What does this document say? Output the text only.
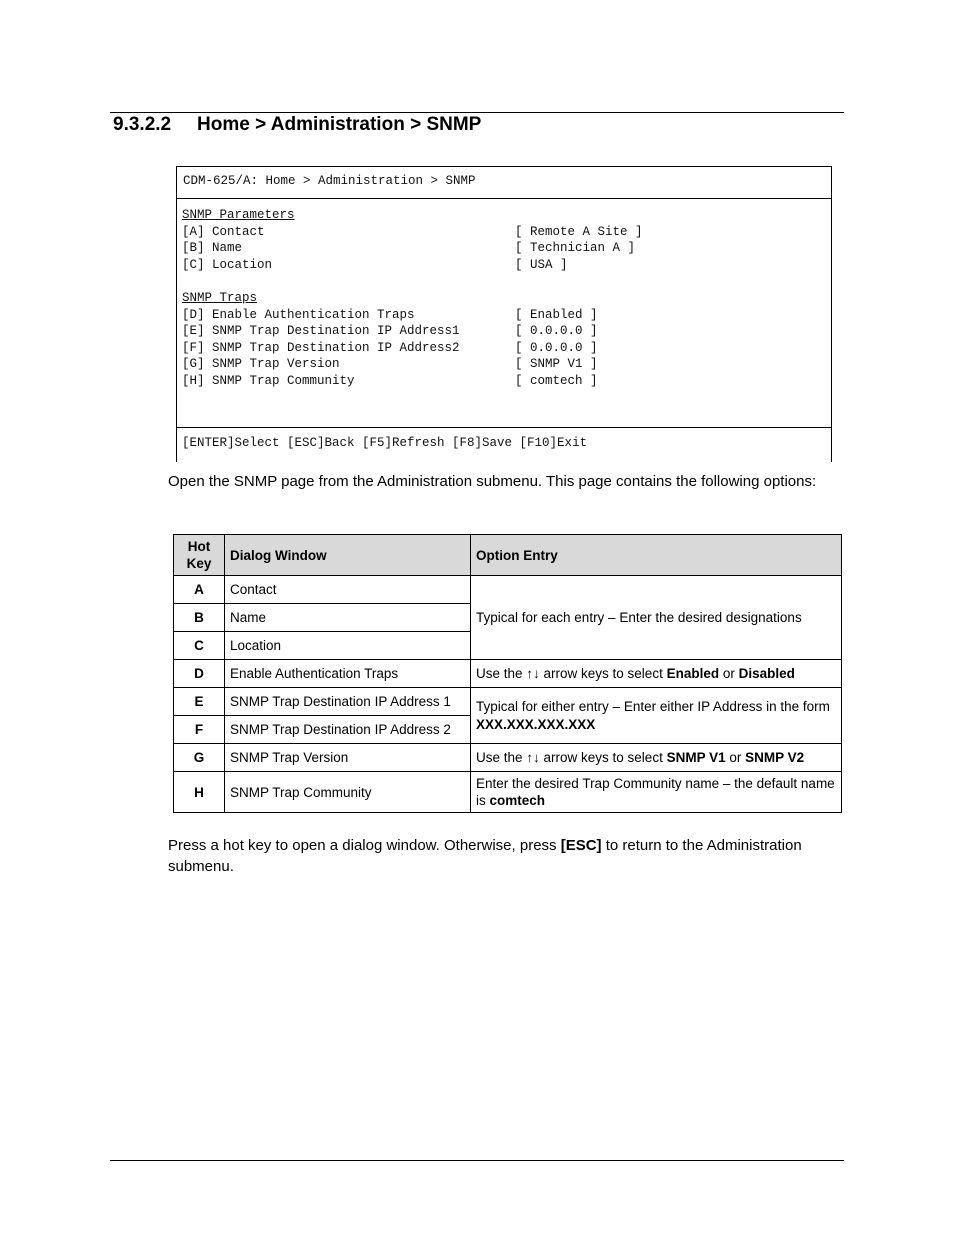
9.3.2.2 Home > Administration > SNMP
CDM-625/A: Home > Administration > SNMP
SNMP Parameters
[A] Contact	[ Remote A Site ]
[B] Name	[ Technician A ]
[C] Location	[ USA ]
SNMP Traps
[D] Enable Authentication Traps	[ Enabled ]
[E] SNMP Trap Destination IP Address1	[ 0.0.0.0 ]
[F] SNMP Trap Destination IP Address2	[ 0.0.0.0 ]
[G] SNMP Trap Version	[ SNMP V1 ]
[H] SNMP Trap Community	[ comtech ]
[ENTER]Select [ESC]Back [F5]Refresh [F8]Save [F10]Exit
Open the SNMP page from the Administration submenu. This page contains the following options:
Hot Key	Dialog Window	Option Entry
A	Contact	Typical for each entry – Enter the desired designations
B	Name	
C	Location	
D	Enable Authentication Traps	Use the ↑↓ arrow keys to select Enabled or Disabled
E	SNMP Trap Destination IP Address 1	Typical for either entry – Enter either IP Address in the form XXX.XXX.XXX.XXX
F	SNMP Trap Destination IP Address 2	
G	SNMP Trap Version	Use the ↑↓ arrow keys to select SNMP V1 or SNMP V2
H	SNMP Trap Community	Enter the desired Trap Community name – the default name is comtech
Press a hot key to open a dialog window. Otherwise, press [ESC] to return to the Administration submenu.
